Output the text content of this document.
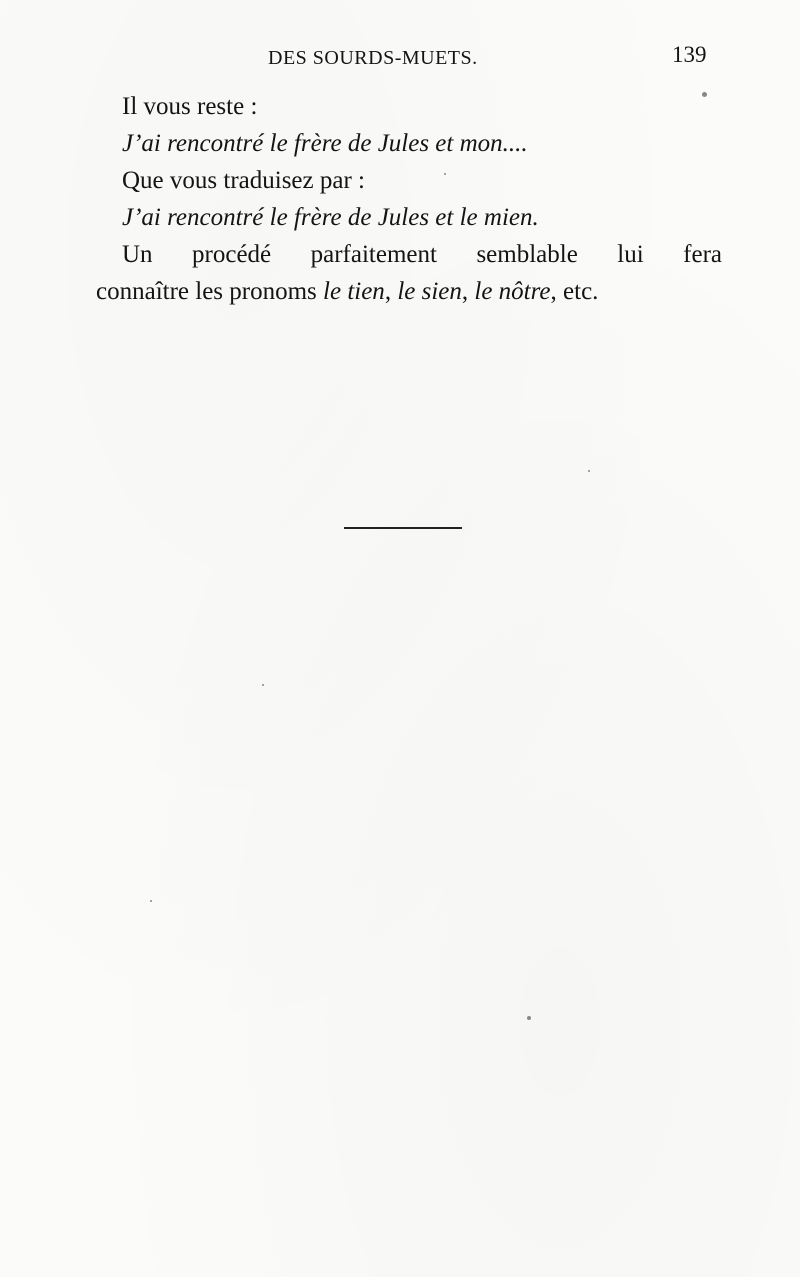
DES SOURDS-MUETS.	139
Il vous reste :
J’ai rencontré le frère de Jules et mon....
Que vous traduisez par :
J’ai rencontré le frère de Jules et le mien.
Un procédé parfaitement semblable lui fera
connaître les pronoms le tien, le sien, le nôtre, etc.
